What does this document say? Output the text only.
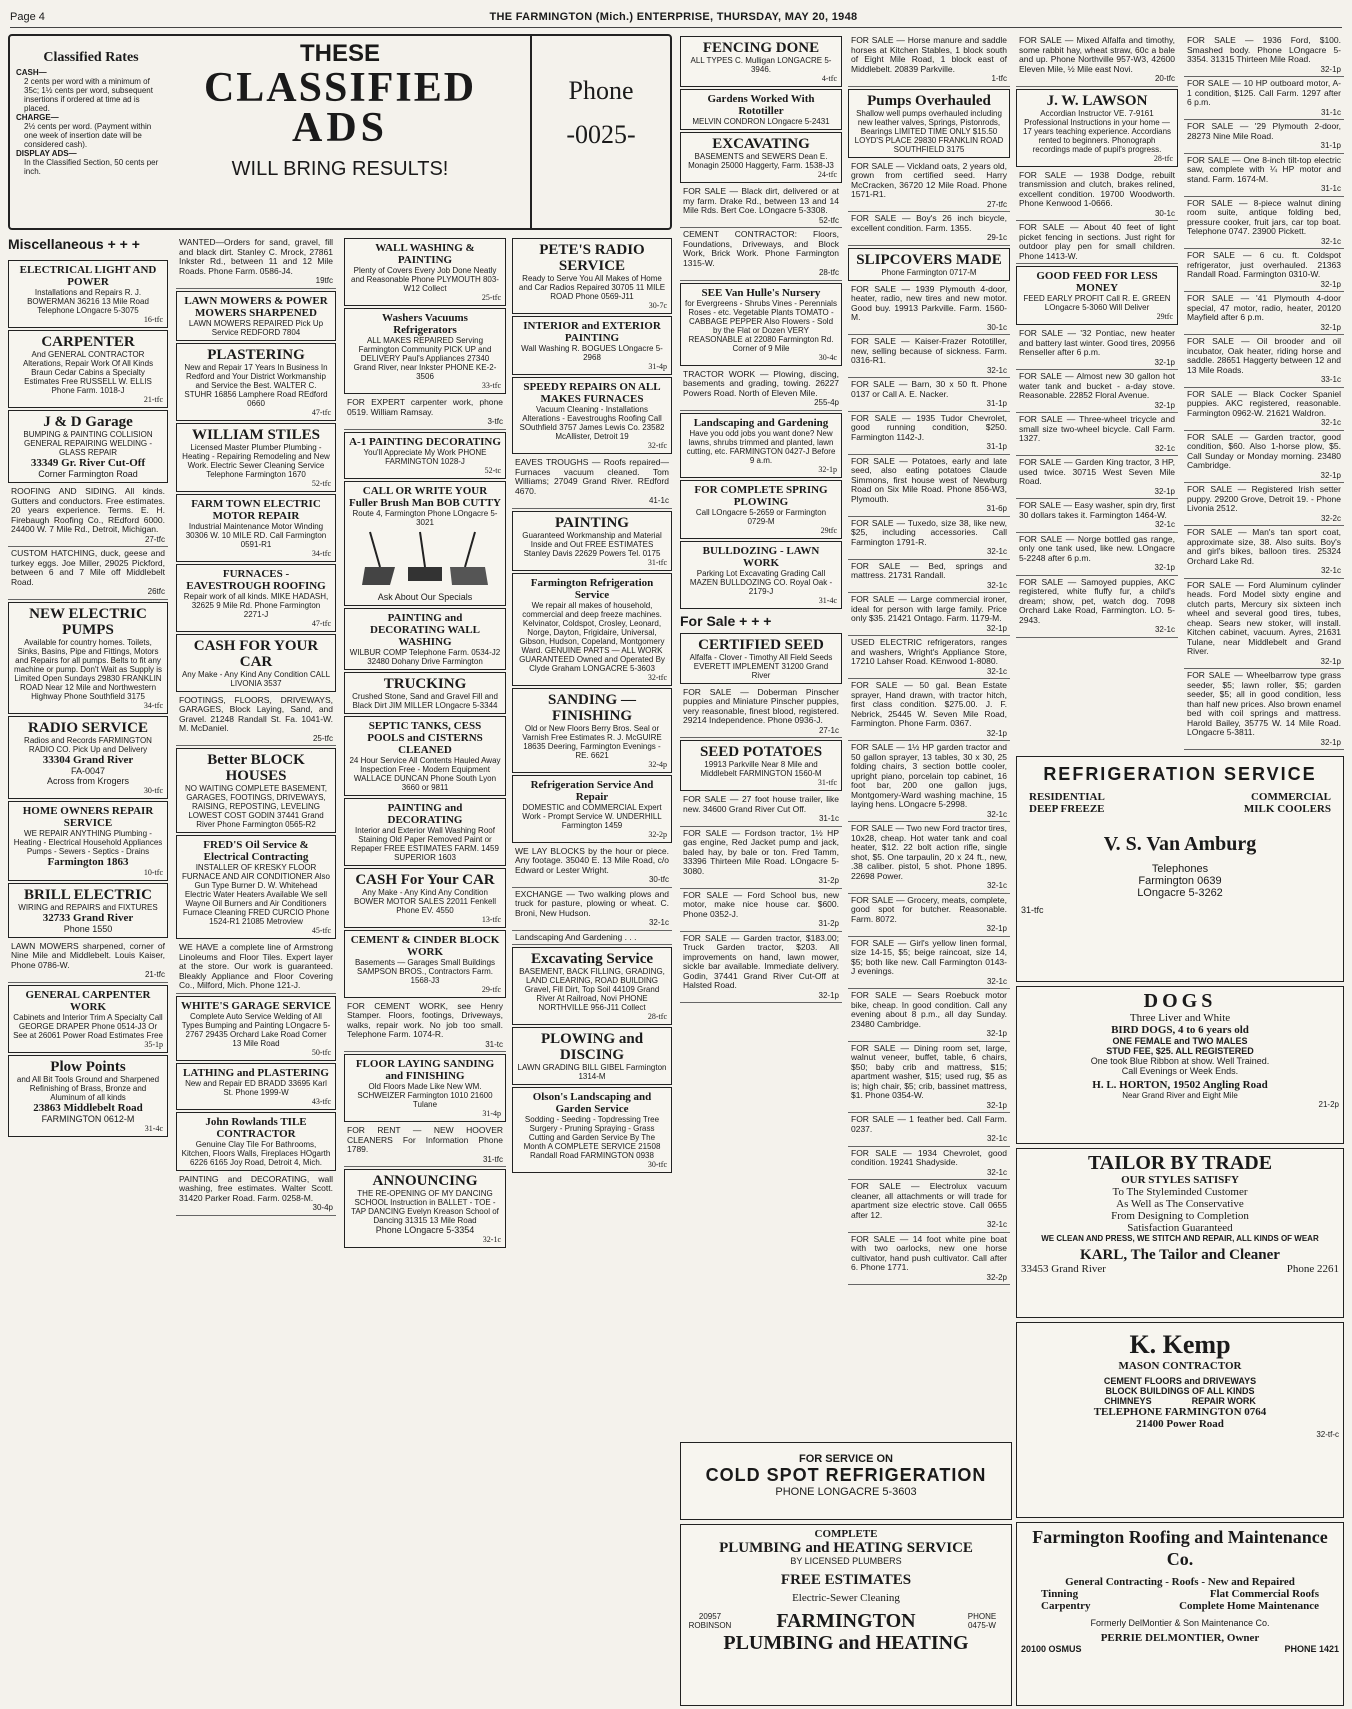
Page 4	THE FARMINGTON (Mich.) ENTERPRISE, THURSDAY, MAY 20, 1948
Classified Rates
CASH—
2 cents per word with a minimum of 35c; 1½ cents per word, subsequent insertions if ordered at time ad is placed.
CHARGE—
2½ cents per word. (Payment within one week of insertion date will be considered cash).
DISPLAY ADS—
In the Classified Section, 50 cents per inch.
THESE
CLASSIFIED
ADS
WILL BRING RESULTS!
Phone
-0025-
Miscellaneous + + +
ELECTRICAL LIGHT AND POWER
Installations and Repairs R. J. BOWERMAN 36216 13 Mile Road Telephone LOngacre 5-3075
16-tfc
CARPENTER
And GENERAL CONTRACTOR Alterations, Repair Work Of All Kinds Braun Cedar Cabins a Specialty Estimates Free RUSSELL W. ELLIS Phone Farm. 1018-J
21-tfc
J & D Garage
BUMPING & PAINTING COLLISION GENERAL REPAIRING WELDING - GLASS REPAIR
33349 Gr. River Cut-Off
Corner Farmington Road
ROOFING AND SIDING. All kinds. Gutters and conductors. Free estimates. 20 years experience. Terms. E. H. Firebaugh Roofing Co., REdford 6000. 24400 W. 7 Mile Rd., Detroit, Michigan.
27-tfc
CUSTOM HATCHING, duck, geese and turkey eggs. Joe Miller, 29025 Pickford, between 6 and 7 Mile off Middlebelt Road.
26tfc
NEW ELECTRIC PUMPS
Available for country homes. Toilets, Sinks, Basins, Pipe and Fittings, Motors and Repairs for all pumps. Belts to fit any machine or pump. Don't Wait as Supply is Limited Open Sundays 29830 FRANKLIN ROAD Near 12 Mile and Northwestern Highway Phone Southfield 3175
34-tfc
RADIO SERVICE
Radios and Records FARMINGTON RADIO CO. Pick Up and Delivery
33304 Grand River
FA-0047
Across from Krogers
30-tfc
HOME OWNERS REPAIR SERVICE
WE REPAIR ANYTHING Plumbing - Heating - Electrical Household Appliances Pumps - Sewers - Septics - Drains
Farmington 1863
10-tfc
BRILL ELECTRIC
WIRING and REPAIRS and FIXTURES
32733 Grand River
Phone 1550
LAWN MOWERS sharpened, corner of Nine Mile and Middlebelt. Louis Kaiser, Phone 0786-W.
21-tfc
GENERAL CARPENTER WORK
Cabinets and Interior Trim A Specialty Call GEORGE DRAPER Phone 0514-J3 Or See at 26061 Power Road Estimates Free
35-1p
Plow Points
and All Bit Tools Ground and Sharpened Refinishing of Brass, Bronze and Aluminum of all kinds
23863 Middlebelt Road
FARMINGTON 0612-M
31-4c
WANTED—Orders for sand, gravel, fill and black dirt. Stanley C. Mrock, 27861 Inkster Rd., between 11 and 12 Mile Roads. Phone Farm. 0586-J4.
19tfc
LAWN MOWERS & POWER MOWERS SHARPENED
LAWN MOWERS REPAIRED Pick Up Service REDFORD 7804
PLASTERING
New and Repair 17 Years In Business In Redford and Your District Workmanship and Service the Best. WALTER C. STUHR 16856 Lamphere Road REdford 0660
47-tfc
WILLIAM STILES
Licensed Master Plumber Plumbing - Heating - Repairing Remodeling and New Work. Electric Sewer Cleaning Service Telephone Farmington 1670
52-tfc
FARM TOWN ELECTRIC MOTOR REPAIR
Industrial Maintenance Motor Winding 30306 W. 10 MILE RD. Call Farmington 0591-R1
34-tfc
FURNACES - EAVESTROUGH ROOFING
Repair work of all kinds. MIKE HADASH, 32625 9 Mile Rd. Phone Farmington 2271-J
47-tfc
CASH FOR YOUR CAR
Any Make - Any Kind Any Condition CALL LIVONIA 3537
FOOTINGS, FLOORS, DRIVEWAYS, GARAGES, Block Laying, Sand, and Gravel. 21248 Randall St. Fa. 1041-W. M. McDaniel.
25-tfc
Better BLOCK HOUSES
NO WAITING COMPLETE BASEMENT, GARAGES, FOOTINGS, DRIVEWAYS, RAISING, REPOSTING, LEVELING LOWEST COST GODIN 37441 Grand River Phone Farmington 0565-R2
FRED'S Oil Service & Electrical Contracting
INSTALLER OF KRESKY FLOOR FURNACE AND AIR CONDITIONER Also Gun Type Burner D. W. Whitehead Electric Water Heaters Available We sell Wayne Oil Burners and Air Conditioners Furnace Cleaning FRED CURCIO Phone 1524-R1 21085 Metroview
45-tfc
WE HAVE a complete line of Armstrong Linoleums and Floor Tiles. Expert layer at the store. Our work is guaranteed. Bleakly Appliance and Floor Covering Co., Milford, Mich. Phone 121-J.
WHITE'S GARAGE SERVICE
Complete Auto Service Welding of All Types Bumping and Painting LOngacre 5-2767 29435 Orchard Lake Road Corner 13 Mile Road
50-tfc
LATHING and PLASTERING
New and Repair ED BRADD 33695 Karl St. Phone 1999-W
43-tfc
John Rowlands TILE CONTRACTOR
Genuine Clay Tile For Bathrooms, Kitchen, Floors Walls, Fireplaces HOgarth 6226 6165 Joy Road, Detroit 4, Mich.
PAINTING and DECORATING, wall washing, free estimates. Walter Scott. 31420 Parker Road. Farm. 0258-M.
30-4p
WALL WASHING & PAINTING
Plenty of Covers Every Job Done Neatly and Reasonable Phone PLYMOUTH 803-W12 Collect
25-tfc
Washers Vacuums Refrigerators
ALL MAKES REPAIRED Serving Farmington Community PICK UP and DELIVERY Paul's Appliances 27340 Grand River, near Inkster PHONE KE-2-3506
33-tfc
FOR EXPERT carpenter work, phone 0519. William Ramsay.
3-tfc
A-1 PAINTING DECORATING
You'll Appreciate My Work PHONE FARMINGTON 1028-J
52-tc
CALL OR WRITE YOUR Fuller Brush Man BOB CUTTY
Route 4, Farmington Phone LOngacre 5-3021
Ask About Our Specials
PAINTING and DECORATING WALL WASHING
WILBUR COMP Telephone Farm. 0534-J2 32480 Dohany Drive Farmington
TRUCKING
Crushed Stone, Sand and Gravel Fill and Black Dirt JIM MILLER LOngacre 5-3344
SEPTIC TANKS, CESS POOLS and CISTERNS CLEANED
24 Hour Service All Contents Hauled Away Inspection Free - Modern Equipment WALLACE DUNCAN Phone South Lyon 3660 or 9811
PAINTING and DECORATING
Interior and Exterior Wall Washing Roof Staining Old Paper Removed Paint or Repaper FREE ESTIMATES FARM. 1459 SUPERIOR 1603
CASH For Your CAR
Any Make - Any Kind Any Condition BOWER MOTOR SALES 22011 Fenkell Phone EV. 4550
13-tfc
CEMENT & CINDER BLOCK WORK
Basements — Garages Small Buildings SAMPSON BROS., Contractors Farm. 1568-J3
29-tfc
FOR CEMENT WORK, see Henry Stamper. Floors, footings, Driveways, walks, repair work. No job too small. Telephone Farm. 1074-R.
31-tc
FLOOR LAYING SANDING and FINISHING
Old Floors Made Like New WM. SCHWEIZER Farmington 1010 21600 Tulane
31-4p
FOR RENT — NEW HOOVER CLEANERS For Information Phone 1789.
31-tfc
ANNOUNCING
THE RE-OPENING OF MY DANCING SCHOOL Instruction in BALLET - TOE - TAP DANCING Evelyn Kreason School of Dancing 31315 13 Mile Road
Phone LOngacre 5-3354
32-1c
PETE'S RADIO SERVICE
Ready to Serve You All Makes of Home and Car Radios Repaired 30705 11 MILE ROAD Phone 0569-J11
30-7c
INTERIOR and EXTERIOR PAINTING
Wall Washing R. BOGUES LOngacre 5-2968
31-4p
SPEEDY REPAIRS ON ALL MAKES FURNACES
Vacuum Cleaning - Installations Alterations - Eavestroughs Roofing Call SOuthfield 3757 James Lewis Co. 23582 McAllister, Detroit 19
32-tfc
EAVES TROUGHS — Roofs repaired—Furnaces vacuum cleaned. Tom Williams; 27049 Grand River. REdford 4670.
41-1c
PAINTING
Guaranteed Workmanship and Material Inside and Out FREE ESTIMATES Stanley Davis 22629 Powers Tel. 0175
31-tfc
Farmington Refrigeration Service
We repair all makes of household, commercial and deep freeze machines. Kelvinator, Coldspot, Crosley, Leonard, Norge, Dayton, Frigidaire, Universal, Gibson, Hudson, Copeland, Montgomery Ward. GENUINE PARTS — ALL WORK GUARANTEED Owned and Operated By Clyde Graham LONGACRE 5-3603
32-tfc
SANDING — FINISHING
Old or New Floors Berry Bros. Seal or Varnish Free Estimates R. J. McGUIRE 18635 Deering, Farmington Evenings - RE. 6621
32-4p
Refrigeration Service And Repair
DOMESTIC and COMMERCIAL Expert Work - Prompt Service W. UNDERHILL Farmington 1459
32-2p
WE LAY BLOCKS by the hour or piece. Any footage. 35040 E. 13 Mile Road, c/o Edward or Lester Wright.
30-tfc
EXCHANGE — Two walking plows and truck for pasture, plowing or wheat. C. Broni, New Hudson.
32-1c
Landscaping And Gardening . . .
Excavating Service
BASEMENT, BACK FILLING, GRADING, LAND CLEARING, ROAD BUILDING Gravel, Fill Dirt, Top Soil 44109 Grand River At Railroad, Novi PHONE NORTHVILLE 956-J11 Collect
28-tfc
PLOWING and DISCING
LAWN GRADING BILL GIBEL Farmington 1314-M
Olson's Landscaping and Garden Service
Sodding - Seeding - Topdressing Tree Surgery - Pruning Spraying - Grass Cutting and Garden Service By The Month A COMPLETE SERVICE 21508 Randall Road FARMINGTON 0938
30-tfc
FENCING DONE
ALL TYPES C. Mulligan LONGACRE 5-3946.
4-tfc
Gardens Worked With Rototiller
MELVIN CONDRON LOngacre 5-2431
EXCAVATING
BASEMENTS and SEWERS Dean E. Monagin 25000 Haggerty, Farm. 1538-J3
24-tfc
FOR SALE — Black dirt, delivered or at my farm. Drake Rd., between 13 and 14 Mile Rds. Bert Coe. LOngacre 5-3308.
52-tfc
CEMENT CONTRACTOR: Floors, Foundations, Driveways, and Block Work, Brick Work. Phone Farmington 1315-W.
28-tfc
SEE Van Hulle's Nursery
for Evergreens - Shrubs Vines - Perennials Roses - etc. Vegetable Plants TOMATO - CABBAGE PEPPER Also Flowers - Sold by the Flat or Dozen VERY REASONABLE at 22080 Farmington Rd. Corner of 9 Mile
30-4c
TRACTOR WORK — Plowing, discing, basements and grading, towing. 26227 Powers Road. North of Eleven Mile.
255-4p
Landscaping and Gardening
Have you odd jobs you want done? New lawns, shrubs trimmed and planted, lawn cutting, etc. FARMINGTON 0427-J Before 9 a.m.
32-1p
FOR COMPLETE SPRING PLOWING
Call LOngacre 5-2659 or Farmington 0729-M
29tfc
BULLDOZING - LAWN WORK
Parking Lot Excavating Grading Call MAZEN BULLDOZING CO. Royal Oak - 2179-J
31-4c
For Sale + + +
CERTIFIED SEED
Alfalfa - Clover - Timothy All Field Seeds EVERETT IMPLEMENT 31200 Grand River
FOR SALE — Doberman Pinscher puppies and Miniature Pinscher puppies, very reasonable, finest blood, registered. 29214 Independence. Phone 0936-J.
27-1c
SEED POTATOES
19913 Parkville Near 8 Mile and Middlebelt FARMINGTON 1560-M
31-tfc
FOR SALE — 27 foot house trailer, like new. 34600 Grand River Cut Off.
31-1c
FOR SALE — Fordson tractor, 1½ HP gas engine, Red Jacket pump and jack, baled hay, by bale or ton. Fred Tamm, 33396 Thirteen Mile Road. LOngacre 5-3080.
31-2p
FOR SALE — Ford School bus, new motor, make nice house car. $600. Phone 0352-J.
31-2p
FOR SALE — Garden tractor, $183.00; Truck Garden tractor, $203. All improvements on hand, lawn mower, sickle bar available. Immediate delivery. Godin, 37441 Grand River Cut-Off at Halsted Road.
32-1p
FOR SALE — Horse manure and saddle horses at Kitchen Stables, 1 block south of Eight Mile Road, 1 block east of Middlebelt. 20839 Parkville.
1-tfc
Pumps Overhauled
Shallow well pumps overhauled including new leather valves, Springs, Pistonrods, Bearings LIMITED TIME ONLY $15.50 LOYD'S PLACE 29830 FRANKLIN ROAD SOUTHFIELD 3175
FOR SALE — Vickland oats, 2 years old, grown from certified seed. Harry McCracken, 36720 12 Mile Road. Phone 1571-R1.
27-tfc
FOR SALE — Boy's 26 inch bicycle, excellent condition. Farm. 1355.
29-1c
SLIPCOVERS MADE
Phone Farmington 0717-M
FOR SALE — 1939 Plymouth 4-door, heater, radio, new tires and new motor. Good buy. 19913 Parkville. Farm. 1560-M.
30-1c
FOR SALE — Kaiser-Frazer Rototiller, new, selling because of sickness. Farm. 0316-R1.
32-1c
FOR SALE — Barn, 30 x 50 ft. Phone 0137 or Call A. E. Nacker.
31-1p
FOR SALE — 1935 Tudor Chevrolet, good running condition, $250. Farmington 1142-J.
31-1p
FOR SALE — Potatoes, early and late seed, also eating potatoes Claude Simmons, first house west of Newburg Road on Six Mile Road. Phone 856-W3, Plymouth.
31-6p
FOR SALE — Tuxedo, size 38, like new, $25, including accessories. Call Farmington 1791-R.
32-1c
FOR SALE — Bed, springs and mattress. 21731 Randall.
32-1c
FOR SALE — Large commercial ironer, ideal for person with large family. Price only $35. 21421 Ontago. Farm. 1179-M.
32-1p
USED ELECTRIC refrigerators, ranges and washers, Wright's Appliance Store, 17210 Lahser Road. KEnwood 1-8080.
32-1c
FOR SALE — 50 gal. Bean Estate sprayer, Hand drawn, with tractor hitch, first class condition. $275.00. J. F. Nebrick, 25445 W. Seven Mile Road, Farmington. Phone Farm. 0367.
32-1p
FOR SALE — 1½ HP garden tractor and 50 gallon sprayer, 13 tables, 30 x 30, 25 folding chairs, 3 section bottle cooler, upright piano, porcelain top cabinet, 16 foot bar, 200 one gallon jugs, Montgomery-Ward washing machine, 15 laying hens. LOngacre 5-2998.
32-1c
FOR SALE — Two new Ford tractor tires, 10x28, cheap. Hot water tank and coal heater, $12. 22 bolt action rifle, single shot, $5. One tarpaulin, 20 x 24 ft., new, .38 caliber. pistol, 5 shot. Phone 1895. 22698 Power.
32-1c
FOR SALE — Grocery, meats, complete, good spot for butcher. Reasonable. Farm. 8072.
32-1p
FOR SALE — Girl's yellow linen formal, size 14-15, $5; beige raincoat, size 14, $5; both like new. Call Farmington 0143-J evenings.
32-1c
FOR SALE — Sears Roebuck motor bike, cheap. In good condition. Call any evening about 8 p.m., all day Sunday. 23480 Cambridge.
32-1p
FOR SALE — Dining room set, large, walnut veneer, buffet, table, 6 chairs, $50; baby crib and mattress, $15; apartment washer, $15; used rug, $5 as is; high chair, $5; crib, bassinet mattress, $1. Phone 0354-W.
32-1p
FOR SALE — 1 feather bed. Call Farm. 0237.
32-1c
FOR SALE — 1934 Chevrolet, good condition. 19241 Shadyside.
32-1c
FOR SALE — Electrolux vacuum cleaner, all attachments or will trade for apartment size electric stove. Call 0655 after 12.
32-1c
FOR SALE — 14 foot white pine boat with two oarlocks, new one horse cultivator, hand push cultivator. Call after 6. Phone 1771.
32-2p
FOR SALE — Mixed Alfalfa and timothy, some rabbit hay, wheat straw, 60c a bale and up. Phone Northville 957-W3, 42600 Eleven Mile, ½ Mile east Novi.
20-tfc
J. W. LAWSON
Accordian Instructor VE. 7-9161 Professional Instructions in your home — 17 years teaching experience. Accordians rented to beginners. Phonograph recordings made of pupil's progress.
28-tfc
FOR SALE — 1938 Dodge, rebuilt transmission and clutch, brakes relined, excellent condition. 19700 Woodworth. Phone Kenwood 1-0666.
30-1c
FOR SALE — About 40 feet of light picket fencing in sections. Just right for outdoor play pen for small children. Phone 1413-W.
GOOD FEED FOR LESS MONEY
FEED EARLY PROFIT Call R. E. GREEN LOngacre 5-3060 Will Deliver
29tfc
FOR SALE — '32 Pontiac, new heater and battery last winter. Good tires, 20956 Renseller after 6 p.m.
32-1p
FOR SALE — Almost new 30 gallon hot water tank and bucket - a-day stove. Reasonable. 22852 Floral Avenue.
32-1p
FOR SALE — Three-wheel tricycle and small size two-wheel bicycle. Call Farm. 1327.
32-1c
FOR SALE — Garden King tractor, 3 HP, used twice. 30715 West Seven Mile Road.
32-1p
FOR SALE — Easy washer, spin dry, first 30 dollars takes it. Farmington 1464-W.
32-1c
FOR SALE — Norge bottled gas range, only one tank used, like new. LOngacre 5-2248 after 6 p.m.
32-1p
FOR SALE — Samoyed puppies, AKC registered, white fluffy fur, a child's dream; show, pet, watch dog. 7098 Orchard Lake Road, Farmington. LO. 5-2943.
32-1c
FOR SALE — 1936 Ford, $100. Smashed body. Phone LOngacre 5-3354. 31315 Thirteen Mile Road.
32-1p
FOR SALE — 10 HP outboard motor, A-1 condition, $125. Call Farm. 1297 after 6 p.m.
31-1c
FOR SALE — '29 Plymouth 2-door, 28273 Nine Mile Road.
31-1p
FOR SALE — One 8-inch tilt-top electric saw, complete with ¼ HP motor and stand. Farm. 1674-M.
31-1c
FOR SALE — 8-piece walnut dining room suite, antique folding bed, pressure cooker, fruit jars, car top boat. Telephone 0747. 23900 Pickett.
32-1c
FOR SALE — 6 cu. ft. Coldspot refrigerator, just overhauled. 21363 Randall Road. Farmington 0310-W.
32-1p
FOR SALE — '41 Plymouth 4-door special, 47 motor, radio, heater, 20120 Mayfield after 6 p.m.
32-1p
FOR SALE — Oil brooder and oil incubator, Oak heater, riding horse and saddle. 28651 Haggerty between 12 and 13 Mile Roads.
33-1c
FOR SALE — Black Cocker Spaniel puppies. AKC registered, reasonable. Farmington 0962-W. 21621 Waldron.
32-1c
FOR SALE — Garden tractor, good condition, $60. Also 1-horse plow, $5. Call Sunday or Monday morning. 23480 Cambridge.
32-1p
FOR SALE — Registered Irish setter puppy. 29200 Grove, Detroit 19. - Phone Livonia 2512.
32-2c
FOR SALE — Man's tan sport coat, approximate size, 38. Also suits. Boy's and girl's bikes, balloon tires. 25324 Orchard Lake Rd.
32-1c
FOR SALE — Ford Aluminum cylinder heads. Ford Model sixty engine and clutch parts, Mercury six sixteen inch wheel and several good tires, tubes, cheap. Sears new stoker, will install. Kitchen cabinet, vacuum. Ayres, 21631 Tulane, near Middlebelt and Grand River.
32-1p
FOR SALE — Wheelbarrow type grass seeder, $5; lawn roller, $5; garden seeder, $5; all in good condition, less than half new prices. Also brown enamel bed with coil springs and mattress. Harold Bailey, 35775 W. 14 Mile Road. LOngacre 5-3811.
32-1p
FOR SERVICE ON
COLD SPOT REFRIGERATION
PHONE LONGACRE 5-3603
COMPLETE
PLUMBING and HEATING SERVICE
BY LICENSED PLUMBERS
FREE ESTIMATES
Electric-Sewer Cleaning
20957 ROBINSON FARMINGTON	PHONE 0475-W
PLUMBING and HEATING
REFRIGERATION SERVICE
RESIDENTIAL
DEEP FREEZE
COMMERCIAL
MILK COOLERS
V. S. Van Amburg
Telephones
Farmington 0639
LOngacre 5-3262
31-tfc
DOGS
Three Liver and White
BIRD DOGS, 4 to 6 years old
ONE FEMALE and TWO MALES
STUD FEE, $25. ALL REGISTERED
One took Blue Ribbon at show. Well Trained.
Call Evenings or Week Ends.
H. L. HORTON, 19502 Angling Road
Near Grand River and Eight Mile
21-2p
TAILOR BY TRADE
OUR STYLES SATISFY
To The Styleminded Customer
As Well as The Conservative
From Designing to Completion
Satisfaction Guaranteed
WE CLEAN AND PRESS, WE STITCH AND REPAIR, ALL KINDS OF WEAR
KARL, The Tailor and Cleaner
33453 Grand River	Phone 2261
K. Kemp
MASON CONTRACTOR
CEMENT FLOORS and DRIVEWAYS
BLOCK BUILDINGS OF ALL KINDS
CHIMNEYS	REPAIR WORK
TELEPHONE FARMINGTON 0764
21400 Power Road
32-tf-c
Farmington Roofing and Maintenance Co.
General Contracting - Roofs - New and Repaired
Tinning	Flat Commercial Roofs
Carpentry	Complete Home Maintenance
Formerly DelMontier & Son Maintenance Co.
PERRIE DELMONTIER, Owner
20100 OSMUS	PHONE 1421
